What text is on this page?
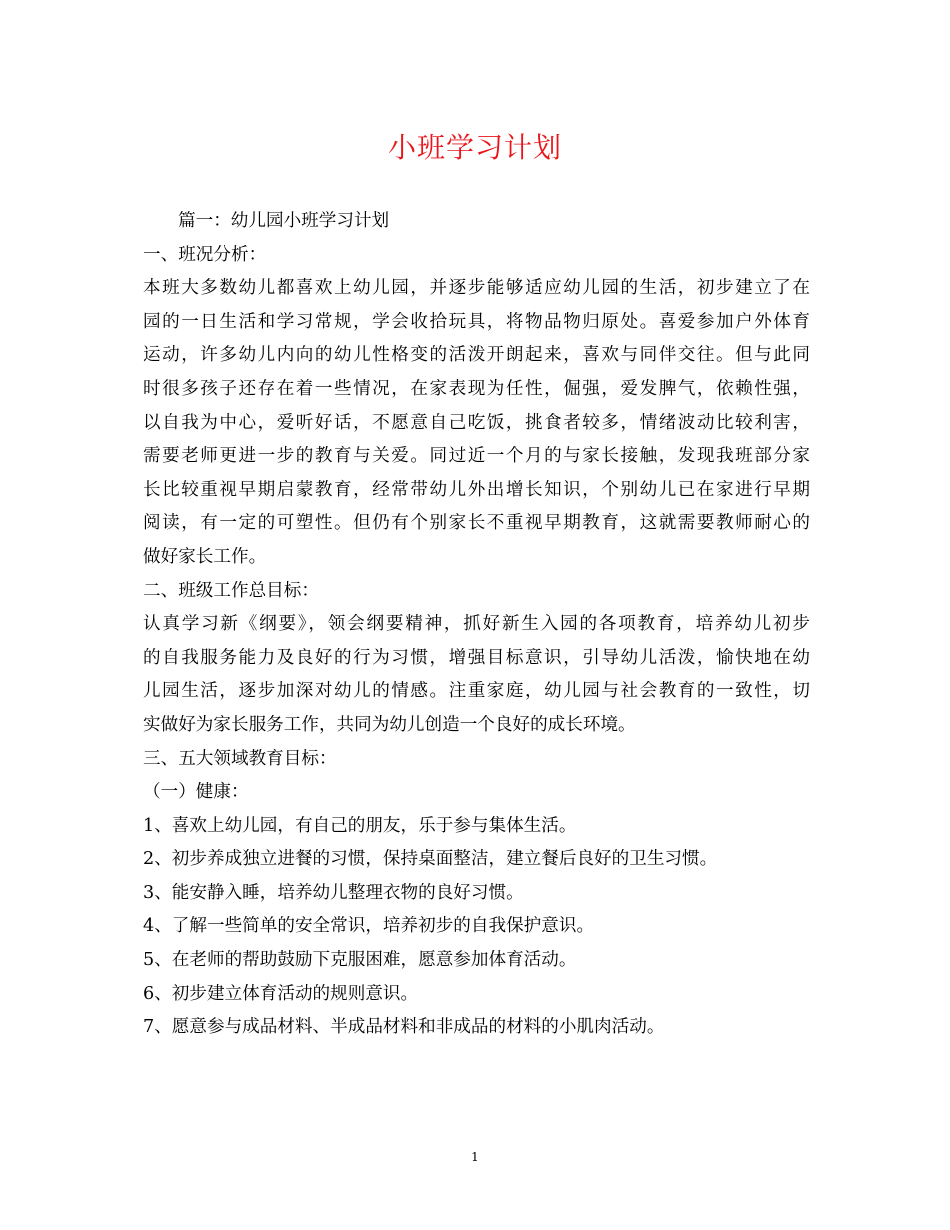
小班学习计划
篇一：幼儿园小班学习计划
一、班况分析：
本班大多数幼儿都喜欢上幼儿园，并逐步能够适应幼儿园的生活，初步建立了在
园的一日生活和学习常规，学会收拾玩具，将物品物归原处。喜爱参加户外体育
运动，许多幼儿内向的幼儿性格变的活泼开朗起来，喜欢与同伴交往。但与此同
时很多孩子还存在着一些情况，在家表现为任性，倔强，爱发脾气，依赖性强，
以自我为中心，爱听好话，不愿意自己吃饭，挑食者较多，情绪波动比较利害，
需要老师更进一步的教育与关爱。同过近一个月的与家长接触，发现我班部分家
长比较重视早期启蒙教育，经常带幼儿外出增长知识，个别幼儿已在家进行早期
阅读，有一定的可塑性。但仍有个别家长不重视早期教育，这就需要教师耐心的
做好家长工作。
二、班级工作总目标：
认真学习新《纲要》，领会纲要精神，抓好新生入园的各项教育，培养幼儿初步
的自我服务能力及良好的行为习惯，增强目标意识，引导幼儿活泼，愉快地在幼
儿园生活，逐步加深对幼儿的情感。注重家庭，幼儿园与社会教育的一致性，切
实做好为家长服务工作，共同为幼儿创造一个良好的成长环境。
三、五大领域教育目标：
（一）健康：
1、喜欢上幼儿园，有自己的朋友，乐于参与集体生活。
2、初步养成独立进餐的习惯，保持桌面整洁，建立餐后良好的卫生习惯。
3、能安静入睡，培养幼儿整理衣物的良好习惯。
4、了解一些简单的安全常识，培养初步的自我保护意识。
5、在老师的帮助鼓励下克服困难，愿意参加体育活动。
6、初步建立体育活动的规则意识。
7、愿意参与成品材料、半成品材料和非成品的材料的小肌肉活动。
1
